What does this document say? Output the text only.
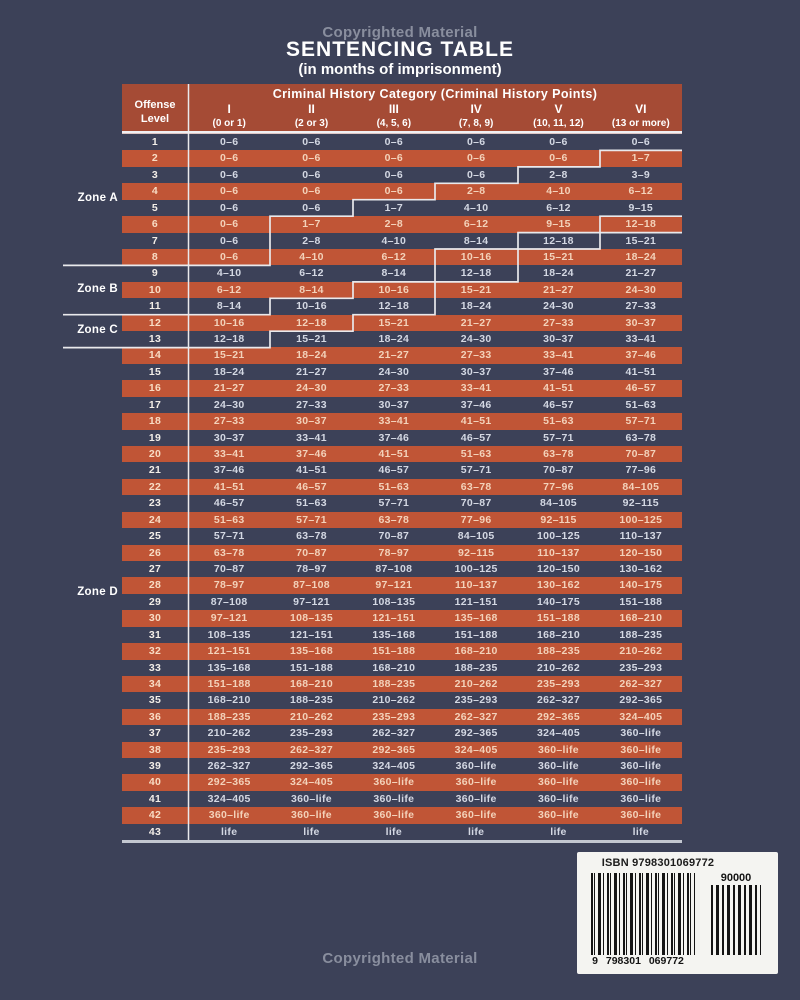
Copyrighted Material
SENTENCING TABLE
(in months of imprisonment)
Offense
Level
Criminal History Category (Criminal History Points)
I
(0 or 1)
II
(2 or 3)
III
(4, 5, 6)
IV
(7, 8, 9)
V
(10, 11, 12)
VI
(13 or more)
1	0–6	0–6	0–6	0–6	0–6	0–6
2	0–6	0–6	0–6	0–6	0–6	1–7
3	0–6	0–6	0–6	0–6	2–8	3–9
4	0–6	0–6	0–6	2–8	4–10	6–12
5	0–6	0–6	1–7	4–10	6–12	9–15
6	0–6	1–7	2–8	6–12	9–15	12–18
7	0–6	2–8	4–10	8–14	12–18	15–21
8	0–6	4–10	6–12	10–16	15–21	18–24
9	4–10	6–12	8–14	12–18	18–24	21–27
10	6–12	8–14	10–16	15–21	21–27	24–30
11	8–14	10–16	12–18	18–24	24–30	27–33
12	10–16	12–18	15–21	21–27	27–33	30–37
13	12–18	15–21	18–24	24–30	30–37	33–41
14	15–21	18–24	21–27	27–33	33–41	37–46
15	18–24	21–27	24–30	30–37	37–46	41–51
16	21–27	24–30	27–33	33–41	41–51	46–57
17	24–30	27–33	30–37	37–46	46–57	51–63
18	27–33	30–37	33–41	41–51	51–63	57–71
19	30–37	33–41	37–46	46–57	57–71	63–78
20	33–41	37–46	41–51	51–63	63–78	70–87
21	37–46	41–51	46–57	57–71	70–87	77–96
22	41–51	46–57	51–63	63–78	77–96	84–105
23	46–57	51–63	57–71	70–87	84–105	92–115
24	51–63	57–71	63–78	77–96	92–115	100–125
25	57–71	63–78	70–87	84–105	100–125	110–137
26	63–78	70–87	78–97	92–115	110–137	120–150
27	70–87	78–97	87–108	100–125	120–150	130–162
28	78–97	87–108	97–121	110–137	130–162	140–175
29	87–108	97–121	108–135	121–151	140–175	151–188
30	97–121	108–135	121–151	135–168	151–188	168–210
31	108–135	121–151	135–168	151–188	168–210	188–235
32	121–151	135–168	151–188	168–210	188–235	210–262
33	135–168	151–188	168–210	188–235	210–262	235–293
34	151–188	168–210	188–235	210–262	235–293	262–327
35	168–210	188–235	210–262	235–293	262–327	292–365
36	188–235	210–262	235–293	262–327	292–365	324–405
37	210–262	235–293	262–327	292–365	324–405	360–life
38	235–293	262–327	292–365	324–405	360–life	360–life
39	262–327	292–365	324–405	360–life	360–life	360–life
40	292–365	324–405	360–life	360–life	360–life	360–life
41	324–405	360–life	360–life	360–life	360–life	360–life
42	360–life	360–life	360–life	360–life	360–life	360–life
43	life	life	life	life	life	life
Zone A
Zone B
Zone C
Zone D
ISBN 9798301069772
9 798301 069772
90000
Copyrighted Material
